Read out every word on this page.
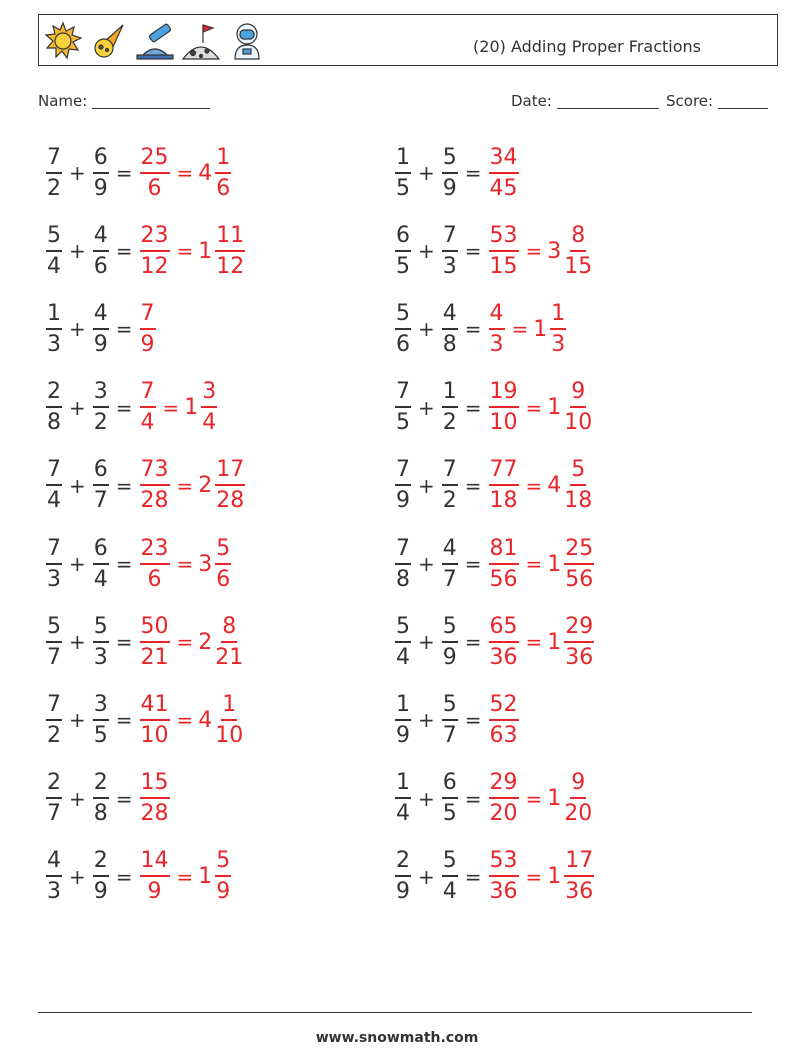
(20) Adding Proper Fractions
Name:	Date:	Score:
$\frac{7}{2} + \frac{6}{9} = \frac{25}{6} = 4 \frac{1}{6}$	$\frac{1}{5} + \frac{5}{9} = \frac{34}{45}$
$\frac{5}{4} + \frac{4}{6} = \frac{23}{12} = 1 \frac{11}{12}$	$\frac{6}{5} + \frac{7}{3} = \frac{53}{15} = 3 \frac{8}{15}$
$\frac{1}{3} + \frac{4}{9} = \frac{7}{9}$	$\frac{5}{6} + \frac{4}{8} = \frac{4}{3} = 1 \frac{1}{3}$
$\frac{2}{8} + \frac{3}{2} = \frac{7}{4} = 1 \frac{3}{4}$	$\frac{7}{5} + \frac{1}{2} = \frac{19}{10} = 1 \frac{9}{10}$
$\frac{7}{4} + \frac{6}{7} = \frac{73}{28} = 2 \frac{17}{28}$	$\frac{7}{9} + \frac{7}{2} = \frac{77}{18} = 4 \frac{5}{18}$
$\frac{7}{3} + \frac{6}{4} = \frac{23}{6} = 3 \frac{5}{6}$	$\frac{7}{8} + \frac{4}{7} = \frac{81}{56} = 1 \frac{25}{56}$
$\frac{5}{7} + \frac{5}{3} = \frac{50}{21} = 2 \frac{8}{21}$	$\frac{5}{4} + \frac{5}{9} = \frac{65}{36} = 1 \frac{29}{36}$
$\frac{7}{2} + \frac{3}{5} = \frac{41}{10} = 4 \frac{1}{10}$	$\frac{1}{9} + \frac{5}{7} = \frac{52}{63}$
$\frac{2}{7} + \frac{2}{8} = \frac{15}{28}$	$\frac{1}{4} + \frac{6}{5} = \frac{29}{20} = 1 \frac{9}{20}$
$\frac{4}{3} + \frac{2}{9} = \frac{14}{9} = 1 \frac{5}{9}$	$\frac{2}{9} + \frac{5}{4} = \frac{53}{36} = 1 \frac{17}{36}$
www.snowmath.com
